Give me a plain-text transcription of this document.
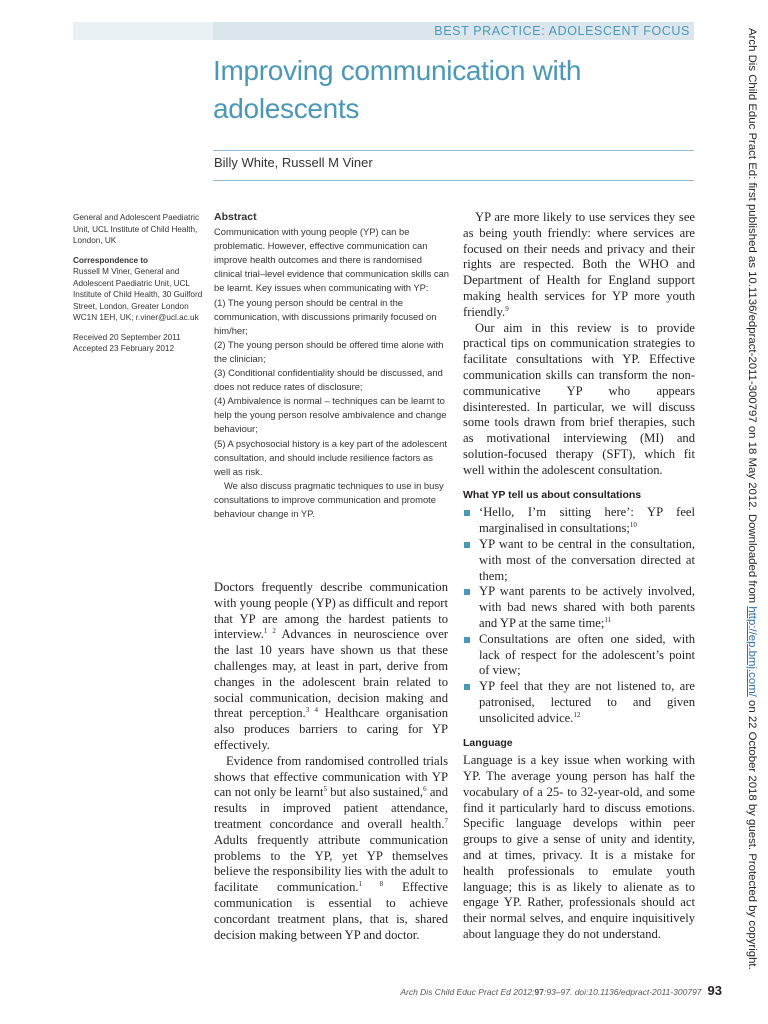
BEST PRACTICE: ADOLESCENT FOCUS
Improving communication with adolescents
Billy White, Russell M Viner

General and Adolescent Paediatric Unit, UCL Institute of Child Health, London, UK

Correspondence to

Russell M Viner, General and Adolescent Paediatric Unit, UCL Institute of Child Health, 30 Guilford Street, London, Greater London WC1N 1EH, UK; r.viner@ucl.ac.uk

Received 20 September 2011

Accepted 23 February 2012

Abstract

Communication with young people (YP) can be problematic. However, effective communication can improve health outcomes and there is randomised clinical trial–level evidence that communication skills can be learnt. Key issues when communicating with YP:

(1) The young person should be central in the communication, with discussions primarily focused on him/her;

(2) The young person should be offered time alone with the clinician;

(3) Conditional confidentiality should be discussed, and does not reduce rates of disclosure;

(4) Ambivalence is normal – techniques can be learnt to help the young person resolve ambivalence and change behaviour;

(5) A psychosocial history is a key part of the adolescent consultation, and should include resilience factors as well as risk.

We also discuss pragmatic techniques to use in busy consultations to improve communication and promote behaviour change in YP.

Doctors frequently describe communication with young people (YP) as difficult and report that YP are among the hardest patients to interview.$^{1 2}$ Advances in neuroscience over the last 10 years have shown us that these challenges may, at least in part, derive from changes in the adolescent brain related to social communication, decision making and threat perception.$^{3 4}$ Healthcare organisation also produces barriers to caring for YP effectively.

Evidence from randomised controlled trials shows that effective communication with YP can not only be learnt$^5$ but also sustained,$^6$ and results in improved patient attendance, treatment concordance and overall health.$^7$ Adults frequently attribute communication problems to the YP, yet YP themselves believe the responsibility lies with the adult to facilitate communication.$^{1 8}$ Effective communication is essential to achieve concordant treatment plans, that is, shared decision making between YP and doctor.

YP are more likely to use services they see as being youth friendly: where services are focused on their needs and privacy and their rights are respected. Both the WHO and Department of Health for England support making health services for YP more youth friendly.$^9$

Our aim in this review is to provide practical tips on communication strategies to facilitate consultations with YP. Effective communication skills can transform the non-communicative YP who appears disinterested. In particular, we will discuss some tools drawn from brief therapies, such as motivational interviewing (MI) and solution-focused therapy (SFT), which fit well within the adolescent consultation.

What YP tell us about consultations

‘Hello, I’m sitting here’: YP feel marginalised in consultations;$^{10}$
YP want to be central in the consultation, with most of the conversation directed at them;
YP want parents to be actively involved, with bad news shared with both parents and YP at the same time;$^{11}$
Consultations are often one sided, with lack of respect for the adolescent’s point of view;
YP feel that they are not listened to, are patronised, lectured to and given unsolicited advice.$^{12}$

Language

Language is a key issue when working with YP. The average young person has half the vocabulary of a 25- to 32-year-old, and some find it particularly hard to discuss emotions. Specific language develops within peer groups to give a sense of unity and identity, and at times, privacy. It is a mistake for health professionals to emulate youth language; this is as likely to alienate as to engage YP. Rather, professionals should act their normal selves, and enquire inquisitively about language they do not understand.

Arch Dis Child Educ Pract Ed 2012;97:93–97. doi:10.1136/edpract-2011-300797 93
Arch Dis Child Educ Pract Ed: first published as 10.1136/edpract-2011-300797 on 18 May 2012. Downloaded from http://ep.bmj.com/ on 22 October 2018 by guest. Protected by copyright.
